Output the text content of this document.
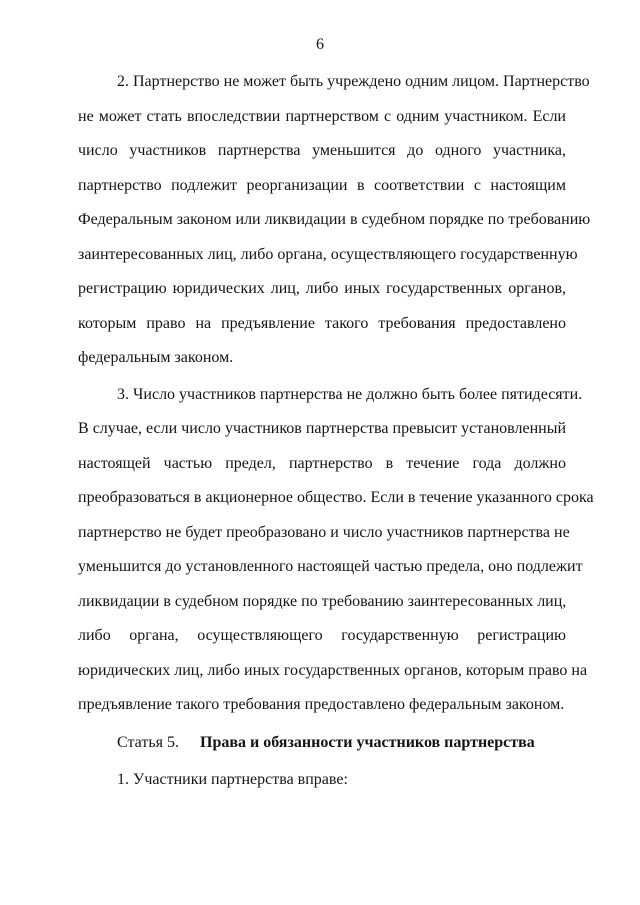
6
2. Партнерство не может быть учреждено одним лицом. Партнерство
не может стать впоследствии партнерством с одним участником. Если
число участников партнерства уменьшится до одного участника,
партнерство подлежит реорганизации в соответствии с настоящим
Федеральным законом или ликвидации в судебном порядке по требованию
заинтересованных лиц, либо органа, осуществляющего государственную
регистрацию юридических лиц, либо иных государственных органов,
которым право на предъявление такого требования предоставлено
федеральным законом.
3. Число участников партнерства не должно быть более пятидесяти.
В случае, если число участников партнерства превысит установленный
настоящей частью предел, партнерство в течение года должно
преобразоваться в акционерное общество. Если в течение указанного срока
партнерство не будет преобразовано и число участников партнерства не
уменьшится до установленного настоящей частью предела, оно подлежит
ликвидации в судебном порядке по требованию заинтересованных лиц,
либо органа, осуществляющего государственную регистрацию
юридических лиц, либо иных государственных органов, которым право на
предъявление такого требования предоставлено федеральным законом.
Статья 5. Права и обязанности участников партнерства
1. Участники партнерства вправе:
